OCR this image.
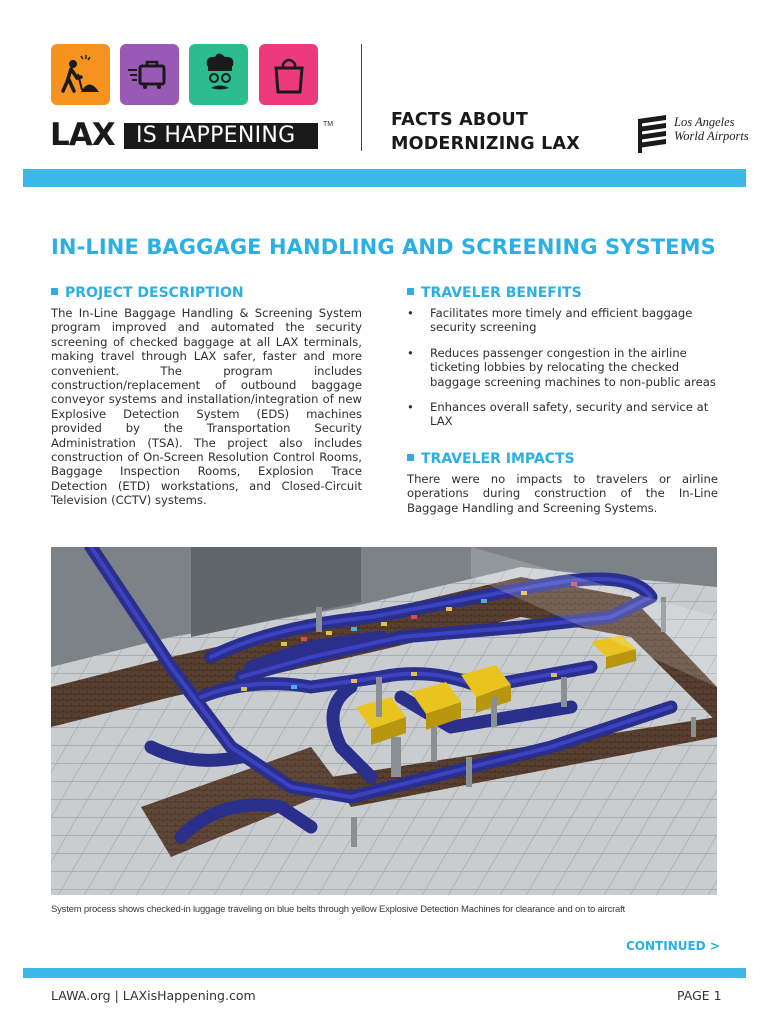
LAX IS HAPPENING	TM	FACTS ABOUT
MODERNIZING LAX
Los Angeles
World Airports
IN-LINE BAGGAGE HANDLING AND SCREENING SYSTEMS
PROJECT DESCRIPTION
The In-Line Baggage Handling & Screening System program improved and automated the security screening of checked baggage at all LAX terminals, making travel through LAX safer, faster and more convenient. The program includes construction/replacement of outbound baggage conveyor systems and installation/integration of new Explosive Detection System (EDS) machines provided by the Transportation Security Administration (TSA). The project also includes construction of On-Screen Resolution Control Rooms, Baggage Inspection Rooms, Explosion Trace Detection (ETD) workstations, and Closed-Circuit Television (CCTV) systems.
TRAVELER BENEFITS
• Facilitates more timely and efficient baggage security screening
• Reduces passenger congestion in the airline ticketing lobbies by relocating the checked baggage screening machines to non-public areas
• Enhances overall safety, security and service at LAX
TRAVELER IMPACTS
There were no impacts to travelers or airline operations during construction of the In-Line Baggage Handling and Screening Systems.
System process shows checked-in luggage traveling on blue belts through yellow Explosive Detection Machines for clearance and on to aircraft
CONTINUED >
LAWA.org | LAXisHappening.com	PAGE 1
